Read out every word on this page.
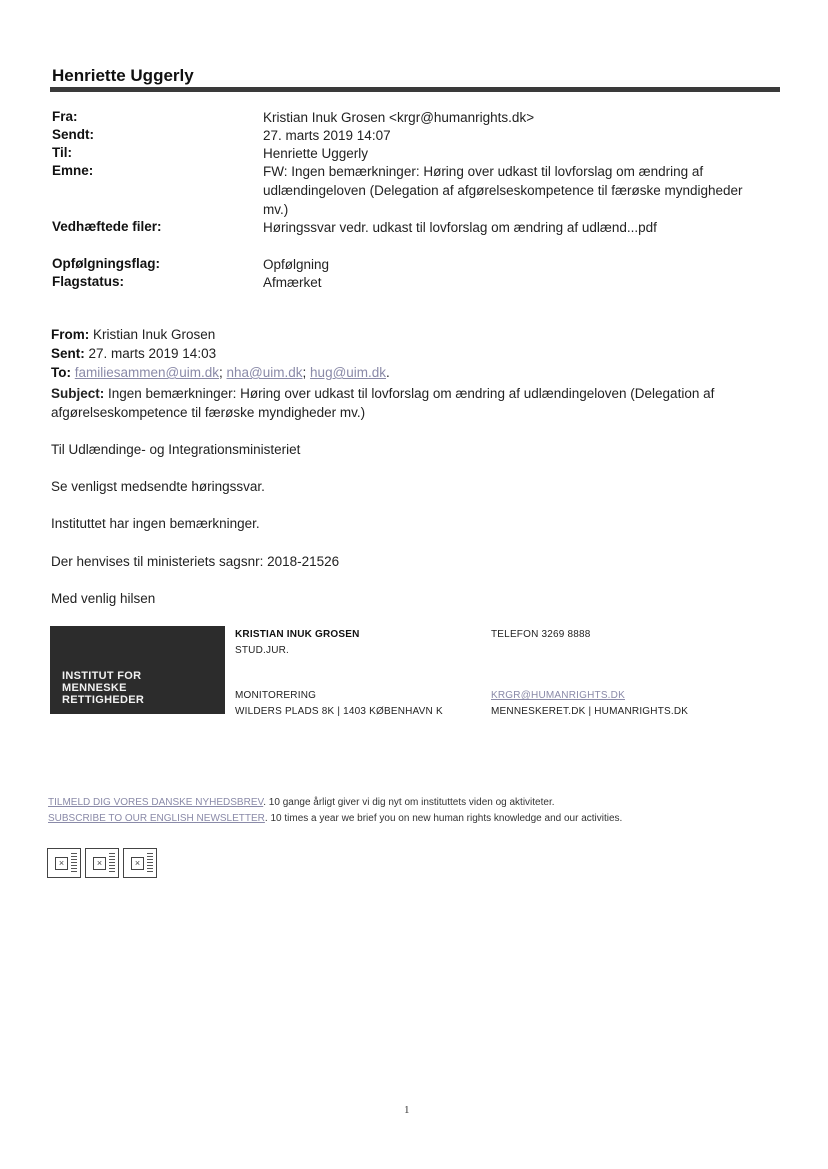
Henriette Uggerly
Fra:	Kristian Inuk Grosen <krgr@humanrights.dk>
Sendt:	27. marts 2019 14:07
Til:	Henriette Uggerly
Emne:	FW: Ingen bemærkninger: Høring over udkast til lovforslag om ændring af udlændingeloven (Delegation af afgørelseskompetence til færøske myndigheder mv.)
Vedhæftede filer:	Høringssvar vedr. udkast til lovforslag om ændring af udlænd...pdf
Opfølgningsflag:	Opfølgning
Flagstatus:	Afmærket
From: Kristian Inuk Grosen
Sent: 27. marts 2019 14:03
To: familiesammen@uim.dk; nha@uim.dk; hug@uim.dk.
Subject: Ingen bemærkninger: Høring over udkast til lovforslag om ændring af udlændingeloven (Delegation af afgørelseskompetence til færøske myndigheder mv.)
Til Udlændinge- og Integrationsministeriet
Se venligst medsendte høringssvar.
Instituttet har ingen bemærkninger.
Der henvises til ministeriets sagsnr: 2018-21526
Med venlig hilsen
INSTITUT FOR
MENNESKE
RETTIGHEDER
KRISTIAN INUK GROSEN
STUD.JUR.
TELEFON 3269 8888
MONITORERING
WILDERS PLADS 8K | 1403 KØBENHAVN K
KRGR@HUMANRIGHTS.DK
MENNESKERET.DK | HUMANRIGHTS.DK
TILMELD DIG VORES DANSKE NYHEDSBREV. 10 gange årligt giver vi dig nyt om instituttets viden og aktiviteter.
SUBSCRIBE TO OUR ENGLISH NEWSLETTER. 10 times a year we brief you on new human rights knowledge and our activities.
×	×	×
1
